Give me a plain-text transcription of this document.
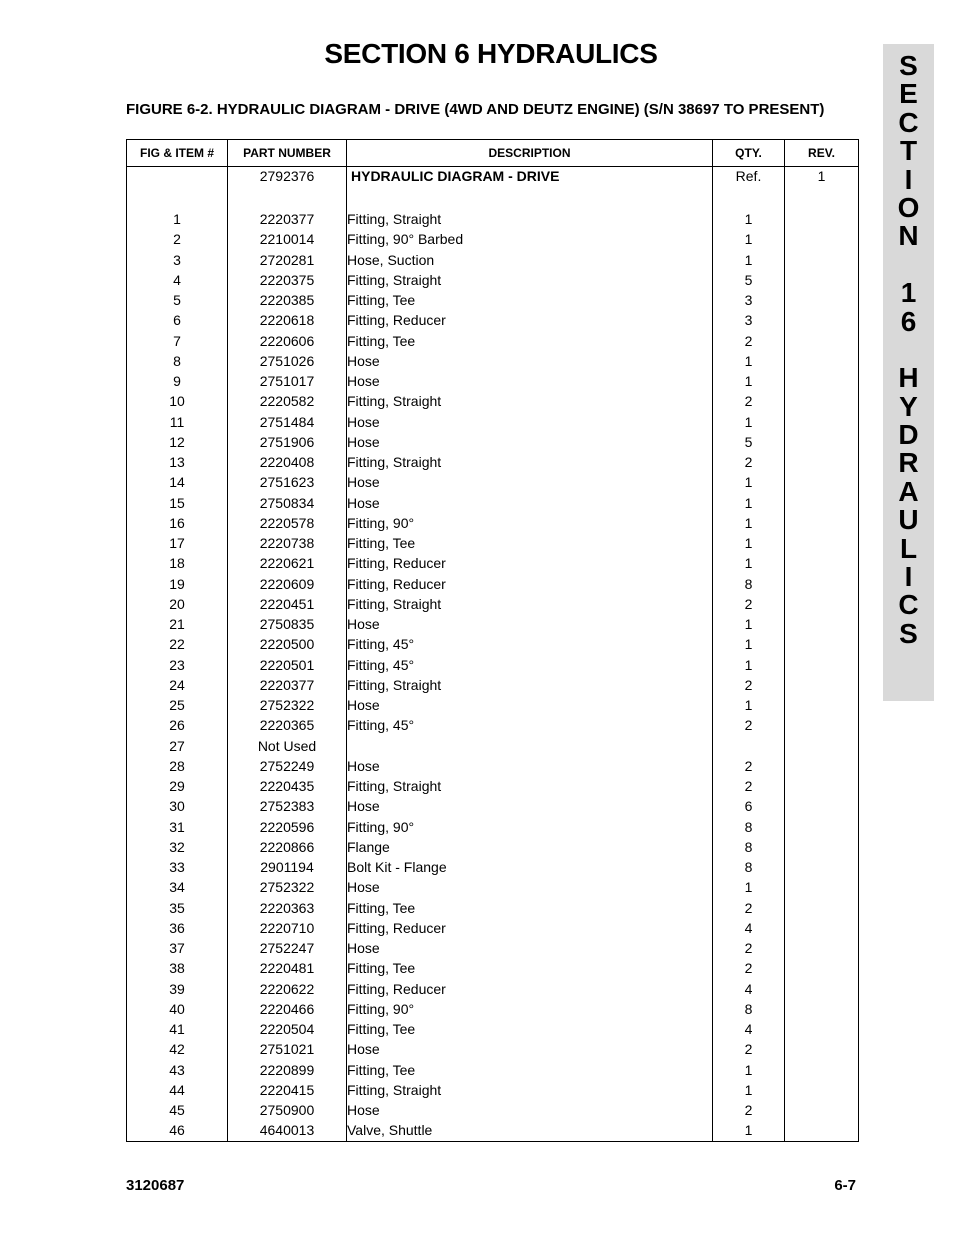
SECTION 6 HYDRAULICS
FIGURE 6-2. HYDRAULIC DIAGRAM - DRIVE (4WD AND DEUTZ ENGINE) (S/N 38697 TO PRESENT)
S
E
C
T
I
O
N
1
6
H
Y
D
R
A
U
L
I
C
S
FIG & ITEM #	PART NUMBER	DESCRIPTION	QTY.	REV.
	2792376	HYDRAULIC DIAGRAM - DRIVE	Ref.	1

1	2220377	Fitting, Straight	1	
2	2210014	Fitting, 90° Barbed	1	
3	2720281	Hose, Suction	1	
4	2220375	Fitting, Straight	5	
5	2220385	Fitting, Tee	3	
6	2220618	Fitting, Reducer	3	
7	2220606	Fitting, Tee	2	
8	2751026	Hose	1	
9	2751017	Hose	1	
10	2220582	Fitting, Straight	2	
11	2751484	Hose	1	
12	2751906	Hose	5	
13	2220408	Fitting, Straight	2	
14	2751623	Hose	1	
15	2750834	Hose	1	
16	2220578	Fitting, 90°	1	
17	2220738	Fitting, Tee	1	
18	2220621	Fitting, Reducer	1	
19	2220609	Fitting, Reducer	8	
20	2220451	Fitting, Straight	2	
21	2750835	Hose	1	
22	2220500	Fitting, 45°	1	
23	2220501	Fitting, 45°	1	
24	2220377	Fitting, Straight	2	
25	2752322	Hose	1	
26	2220365	Fitting, 45°	2	
27	Not Used			
28	2752249	Hose	2	
29	2220435	Fitting, Straight	2	
30	2752383	Hose	6	
31	2220596	Fitting, 90°	8	
32	2220866	Flange	8	
33	2901194	Bolt Kit - Flange	8	
34	2752322	Hose	1	
35	2220363	Fitting, Tee	2	
36	2220710	Fitting, Reducer	4	
37	2752247	Hose	2	
38	2220481	Fitting, Tee	2	
39	2220622	Fitting, Reducer	4	
40	2220466	Fitting, 90°	8	
41	2220504	Fitting, Tee	4	
42	2751021	Hose	2	
43	2220899	Fitting, Tee	1	
44	2220415	Fitting, Straight	1	
45	2750900	Hose	2	
46	4640013	Valve, Shuttle	1	
3120687	6-7
